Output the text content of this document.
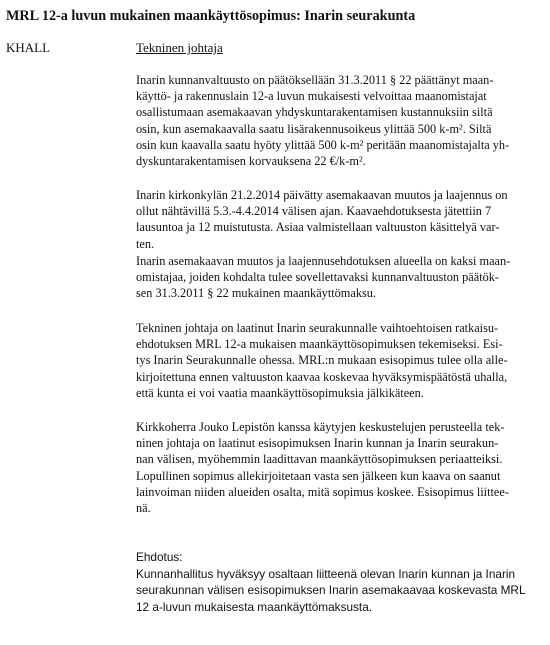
MRL 12-a luvun mukainen maankäyttösopimus: Inarin seurakunta
KHALL	Tekninen johtaja

Inarin kunnanvaltuusto on päätöksellään 31.3.2011 § 22 päättänyt maan-
käyttö- ja rakennuslain 12-a luvun mukaisesti velvoittaa maanomistajat
osallistumaan asemakaavan yhdyskuntarakentamisen kustannuksiin siltä
osin, kun asemakaavalla saatu lisärakennusoikeus ylittää 500 k-m². Siltä
osin kun kaavalla saatu hyöty ylittää 500 k-m² peritään maanomistajalta yh-
dyskuntarakentamisen korvauksena 22 €/k-m².

Inarin kirkonkylän 21.2.2014 päivätty asemakaavan muutos ja laajennus on
ollut nähtävillä 5.3.-4.4.2014 välisen ajan. Kaavaehdotuksesta jätettiin 7
lausuntoa ja 12 muistutusta. Asiaa valmistellaan valtuuston käsittelyä var-
ten.

Inarin asemakaavan muutos ja laajennusehdotuksen alueella on kaksi maan-
omistajaa, joiden kohdalta tulee sovellettavaksi kunnanvaltuuston päätök-
sen 31.3.2011 § 22 mukainen maankäyttömaksu.

Tekninen johtaja on laatinut Inarin seurakunnalle vaihtoehtoisen ratkaisu-
ehdotuksen MRL 12-a mukaisen maankäyttösopimuksen tekemiseksi. Esi-
tys Inarin Seurakunnalle ohessa. MRL:n mukaan esisopimus tulee olla alle-
kirjoitettuna ennen valtuuston kaavaa koskevaa hyväksymispäätöstä uhalla,
että kunta ei voi vaatia maankäyttösopimuksia jälkikäteen.

Kirkkoherra Jouko Lepistön kanssa käytyjen keskustelujen perusteella tek-
ninen johtaja on laatinut esisopimuksen Inarin kunnan ja Inarin seurakun-
nan välisen, myöhemmin laadittavan maankäyttösopimuksen periaatteiksi.
Lopullinen sopimus allekirjoitetaan vasta sen jälkeen kun kaava on saanut
lainvoiman niiden alueiden osalta, mitä sopimus koskee. Esisopimus liittee-
nä.

Ehdotus:
Kunnanhallitus hyväksyy osaltaan liitteenä olevan Inarin kunnan ja Inarin
seurakunnan välisen esisopimuksen Inarin asemakaavaa koskevasta MRL
12 a-luvun mukaisesta maankäyttömaksusta.
